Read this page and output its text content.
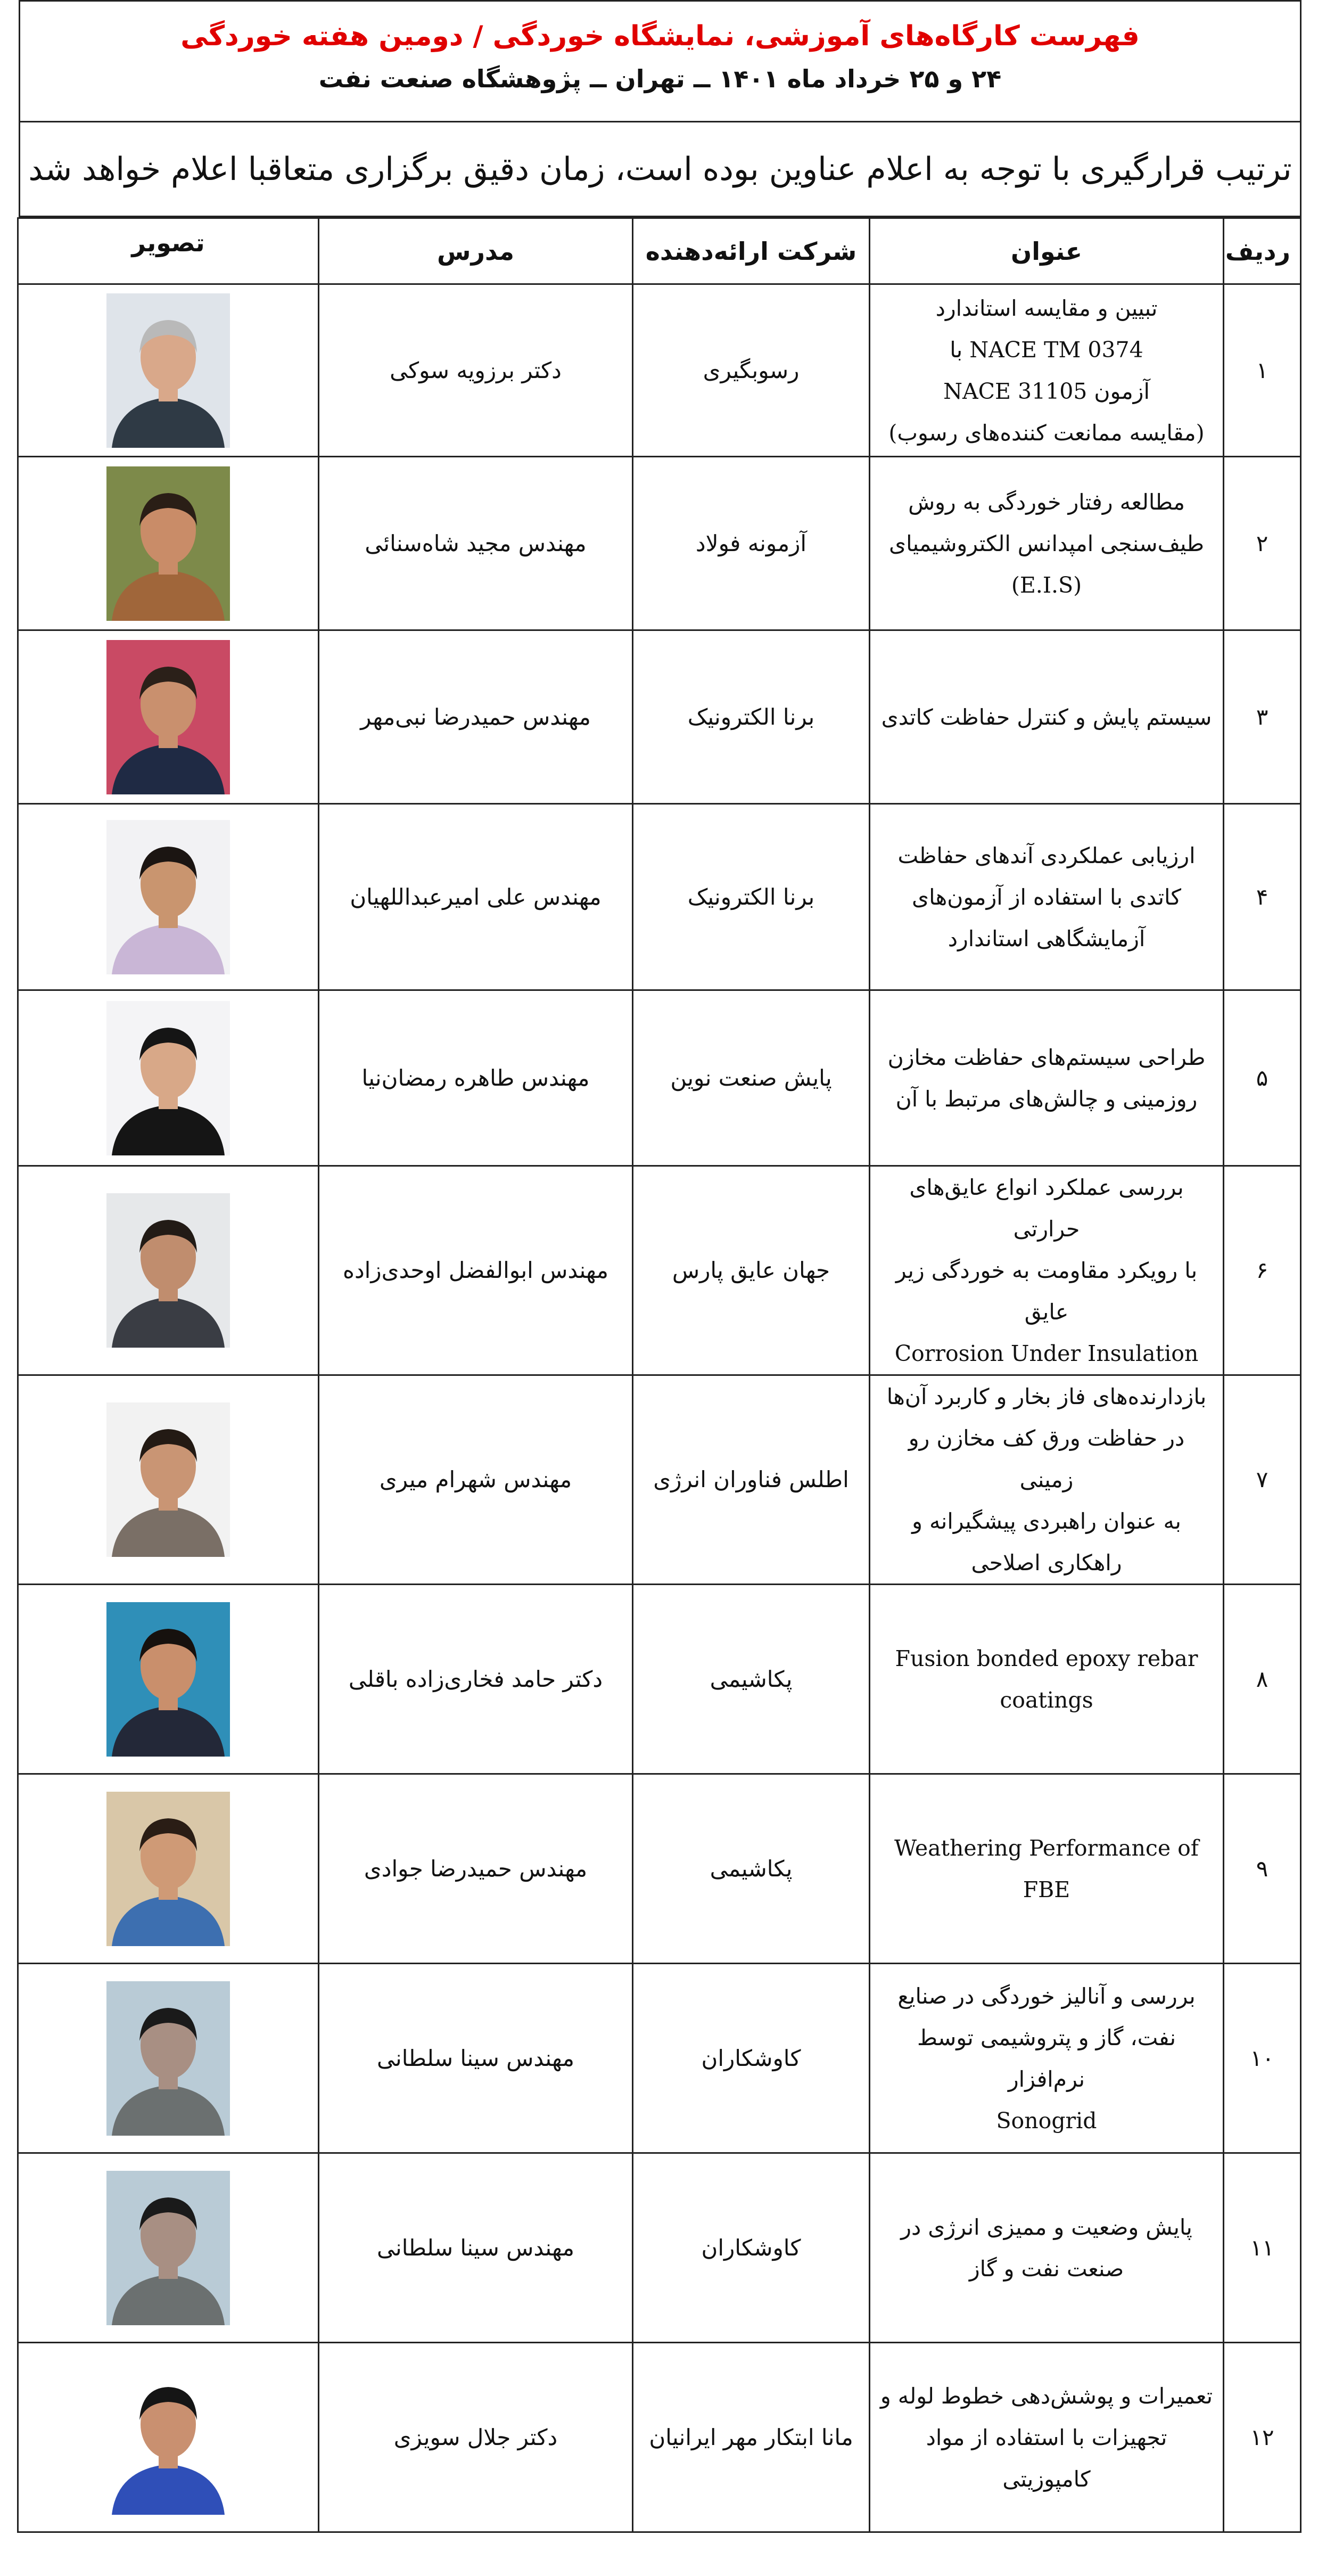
فهرست کارگاه‌های آموزشی، نمایشگاه خوردگی / دومین هفته خوردگی
۲۴ و ۲۵ خرداد ماه ۱۴۰۱ ــ تهران ــ پژوهشگاه صنعت نفت
ترتیب قرارگیری با توجه به اعلام عناوین بوده است، زمان دقیق برگزاری متعاقبا اعلام خواهد شد
ردیف	عنوان	شرکت ارائه‌دهنده	مدرس	تصویر
۱	تبیین و مقایسه استاندارد
NACE TM 0374 با
آزمون NACE 31105
(مقایسه ممانعت کننده‌های رسوب)	رسوبگیری	دکتر برزویه سوکی	

۲	مطالعه رفتار خوردگی به روش
طیف‌سنجی امپدانس الکتروشیمیای
(E.I.S)	آزمونه فولاد	مهندس مجید شاه‌سنائی	

۳	سیستم پایش و کنترل حفاظت کاتدی	برنا الکترونیک	مهندس حمیدرضا نبی‌مهر	

۴	ارزیابی عملکردی آندهای حفاظت
کاتدی با استفاده از آزمون‌های
آزمایشگاهی استاندارد	برنا الکترونیک	مهندس علی امیرعبداللهیان	

۵	طراحی سیستم‌های حفاظت مخازن
روزمینی و چالش‌های مرتبط با آن	پایش صنعت نوین	مهندس طاهره رمضان‌نیا	

۶	بررسی عملکرد انواع عایق‌های حرارتی
با رویکرد مقاومت به خوردگی زیر
عایق
Corrosion Under Insulation	جهان عایق پارس	مهندس ابوالفضل اوحدی‌زاده	

۷	بازدارنده‌های فاز بخار و کاربرد آن‌ها
در حفاظت ورق کف مخازن رو زمینی
به عنوان راهبردی پیشگیرانه و
راهکاری اصلاحی	اطلس فناوران انرژی	مهندس شهرام میری	

۸	Fusion bonded epoxy rebar
coatings	پکاشیمی	دکتر حامد فخاری‌زاده باقلی	

۹	Weathering Performance of
FBE	پکاشیمی	مهندس حمیدرضا جوادی	

۱۰	بررسی و آنالیز خوردگی در صنایع
نفت، گاز و پتروشیمی توسط نرم‌افزار
Sonogrid	کاوشکاران	مهندس سینا سلطانی	

۱۱	پایش وضعیت و ممیزی انرژی در
صنعت نفت و گاز	کاوشکاران	مهندس سینا سلطانی	

۱۲	تعمیرات و پوشش‌دهی خطوط لوله و
تجهیزات با استفاده از مواد کامپوزیتی	مانا ابتکار مهر ایرانیان	دکتر جلال سویزی	
